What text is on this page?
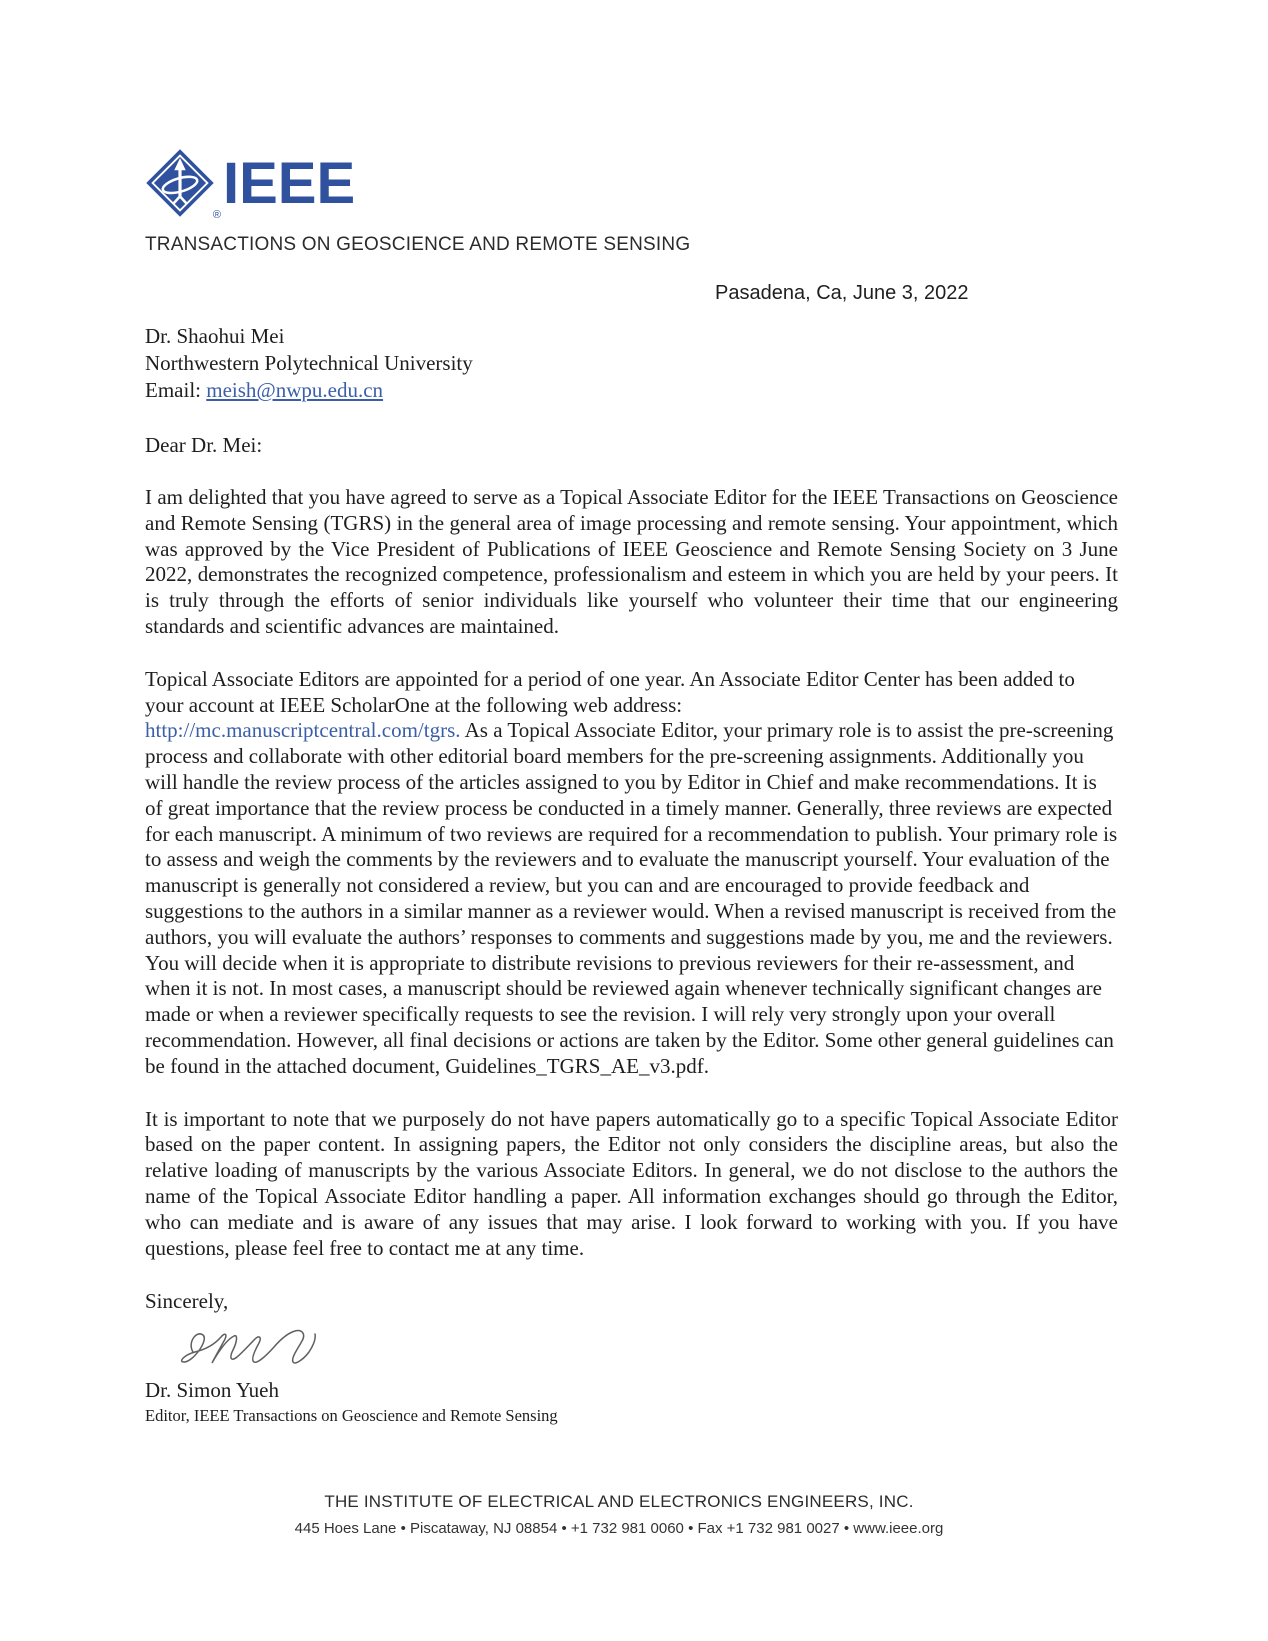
® IEEE
TRANSACTIONS ON GEOSCIENCE AND REMOTE SENSING
Pasadena, Ca, June 3, 2022
Dr. Shaohui Mei
Northwestern Polytechnical University
Email: meish@nwpu.edu.cn
Dear Dr. Mei:

I am delighted that you have agreed to serve as a Topical Associate Editor for the IEEE Transactions on Geoscience and Remote Sensing (TGRS) in the general area of image processing and remote sensing. Your appointment, which was approved by the Vice President of Publications of IEEE Geoscience and Remote Sensing Society on 3 June 2022, demonstrates the recognized competence, professionalism and esteem in which you are held by your peers. It is truly through the efforts of senior individuals like yourself who volunteer their time that our engineering standards and scientific advances are maintained.

Topical Associate Editors are appointed for a period of one year. An Associate Editor Center has been added to your account at IEEE ScholarOne at the following web address:
http://mc.manuscriptcentral.com/tgrs. As a Topical Associate Editor, your primary role is to assist the pre-screening process and collaborate with other editorial board members for the pre-screening assignments. Additionally you will handle the review process of the articles assigned to you by Editor in Chief and make recommendations. It is of great importance that the review process be conducted in a timely manner. Generally, three reviews are expected for each manuscript. A minimum of two reviews are required for a recommendation to publish. Your primary role is to assess and weigh the comments by the reviewers and to evaluate the manuscript yourself. Your evaluation of the manuscript is generally not considered a review, but you can and are encouraged to provide feedback and suggestions to the authors in a similar manner as a reviewer would. When a revised manuscript is received from the authors, you will evaluate the authors’ responses to comments and suggestions made by you, me and the reviewers. You will decide when it is appropriate to distribute revisions to previous reviewers for their re-assessment, and when it is not. In most cases, a manuscript should be reviewed again whenever technically significant changes are made or when a reviewer specifically requests to see the revision. I will rely very strongly upon your overall recommendation. However, all final decisions or actions are taken by the Editor. Some other general guidelines can be found in the attached document, Guidelines_TGRS_AE_v3.pdf.

It is important to note that we purposely do not have papers automatically go to a specific Topical Associate Editor based on the paper content. In assigning papers, the Editor not only considers the discipline areas, but also the relative loading of manuscripts by the various Associate Editors. In general, we do not disclose to the authors the name of the Topical Associate Editor handling a paper. All information exchanges should go through the Editor, who can mediate and is aware of any issues that may arise. I look forward to working with you. If you have questions, please feel free to contact me at any time.

Sincerely,
Dr. Simon Yueh
Editor, IEEE Transactions on Geoscience and Remote Sensing
THE INSTITUTE OF ELECTRICAL AND ELECTRONICS ENGINEERS, INC.
445 Hoes Lane • Piscataway, NJ 08854 • +1 732 981 0060 • Fax +1 732 981 0027 • www.ieee.org
